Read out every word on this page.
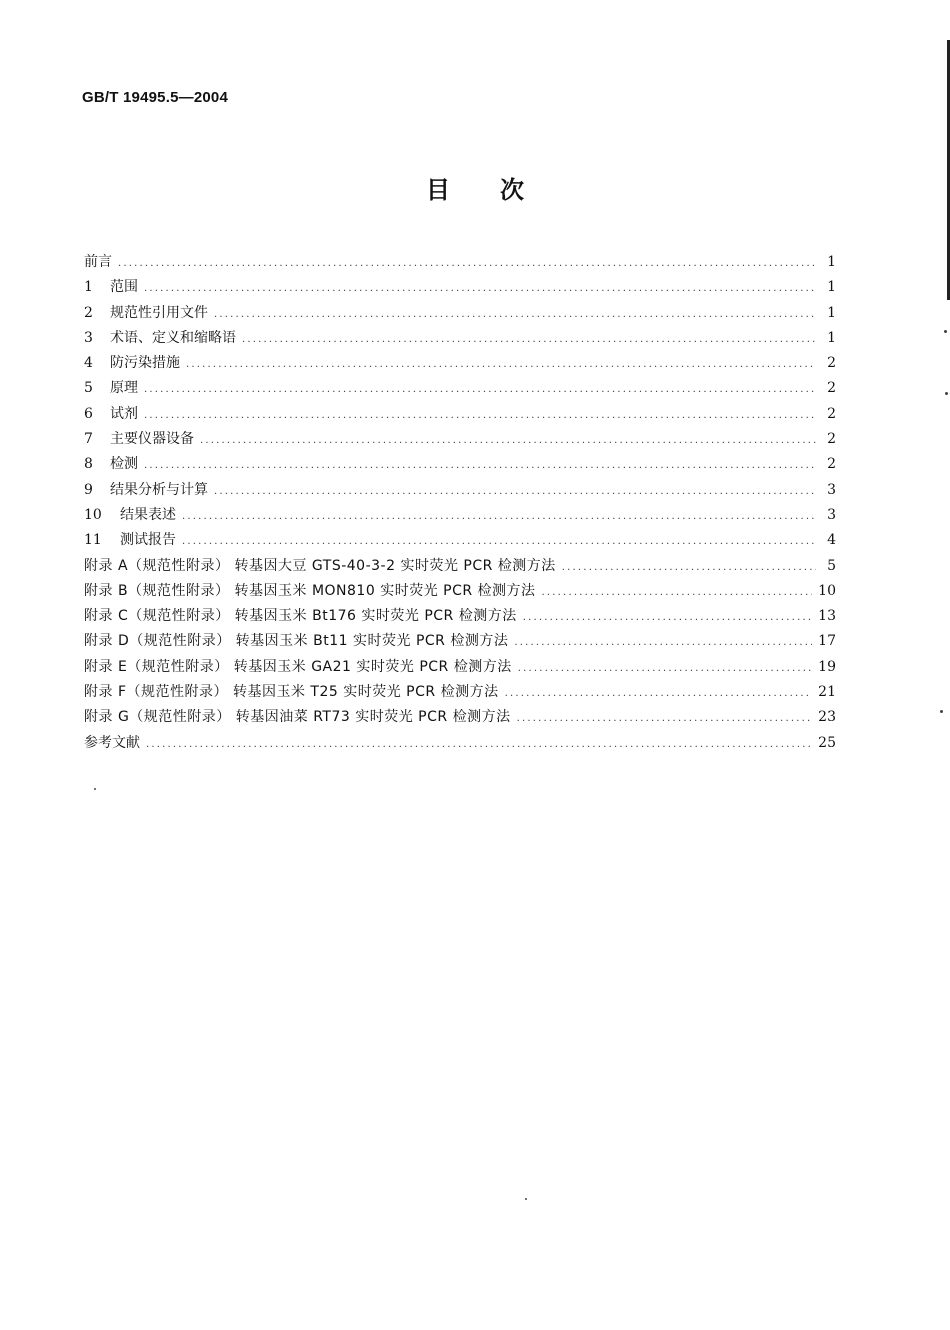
GB/T 19495.5—2004
目次
前言 .....	1
1 范围 .....	1
2 规范性引用文件 .....	1
3 术语、定义和缩略语 .....	1
4 防污染措施 .....	2
5 原理 .....	2
6 试剂 .....	2
7 主要仪器设备 .....	2
8 检测 .....	2
9 结果分析与计算 .....	3
10 结果表述 .....	3
11 测试报告 .....	4
附录 A（规范性附录） 转基因大豆 GTS-40-3-2 实时荧光 PCR 检测方法 .....	5
附录 B（规范性附录） 转基因玉米 MON810 实时荧光 PCR 检测方法 .....	10
附录 C（规范性附录） 转基因玉米 Bt176 实时荧光 PCR 检测方法 .....	13
附录 D（规范性附录） 转基因玉米 Bt11 实时荧光 PCR 检测方法 .....	17
附录 E（规范性附录） 转基因玉米 GA21 实时荧光 PCR 检测方法 .....	19
附录 F（规范性附录） 转基因玉米 T25 实时荧光 PCR 检测方法 .....	21
附录 G（规范性附录） 转基因油菜 RT73 实时荧光 PCR 检测方法 .....	23
参考文献 .....	25
